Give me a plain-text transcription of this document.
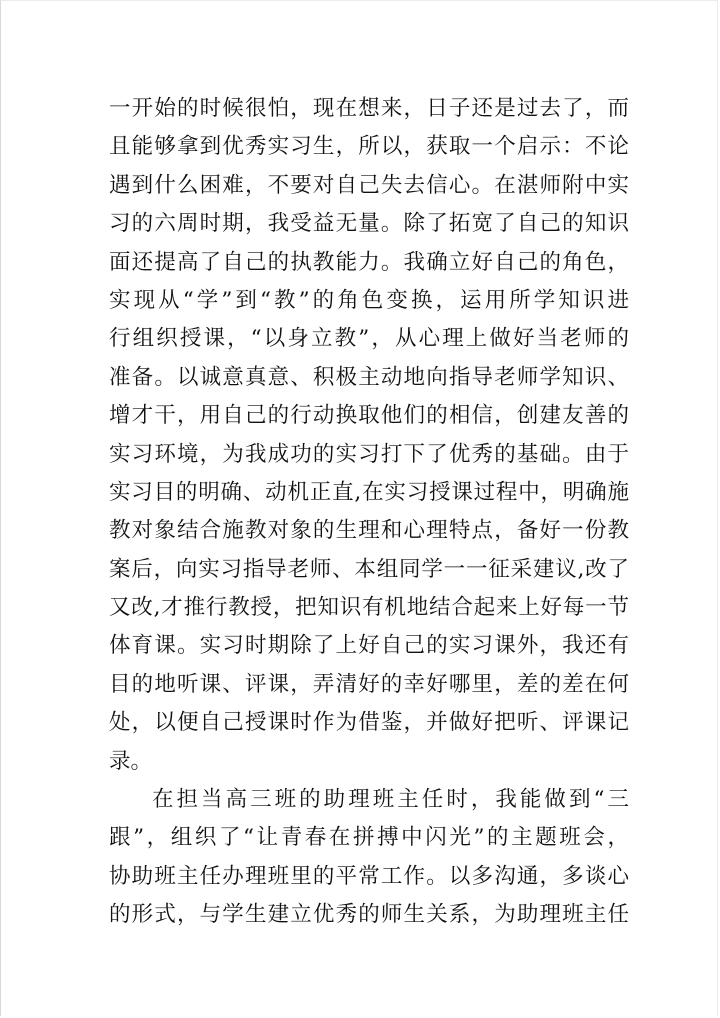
一开始的时候很怕，现在想来，日子还是过去了，而
且能够拿到优秀实习生，所以，获取一个启示：不论
遇到什么困难，不要对自己失去信心。在湛师附中实
习的六周时期，我受益无量。除了拓宽了自己的知识
面还提高了自己的执教能力。我确立好自己的角色，
实现从“学”到“教”的角色变换，运用所学知识进
行组织授课，“以身立教”，从心理上做好当老师的
准备。以诚意真意、积极主动地向指导老师学知识、
增才干，用自己的行动换取他们的相信，创建友善的
实习环境，为我成功的实习打下了优秀的基础。由于
实习目的明确、动机正直,在实习授课过程中，明确施
教对象结合施教对象的生理和心理特点，备好一份教
案后，向实习指导老师、本组同学一一征采建议,改了
又改,才推行教授，把知识有机地结合起来上好每一节
体育课。实习时期除了上好自己的实习课外，我还有
目的地听课、评课，弄清好的幸好哪里，差的差在何
处，以便自己授课时作为借鉴，并做好把听、评课记
录。
在担当高三班的助理班主任时，我能做到“三
跟”，组织了“让青春在拼搏中闪光”的主题班会，
协助班主任办理班里的平常工作。以多沟通，多谈心
的形式，与学生建立优秀的师生关系，为助理班主任
